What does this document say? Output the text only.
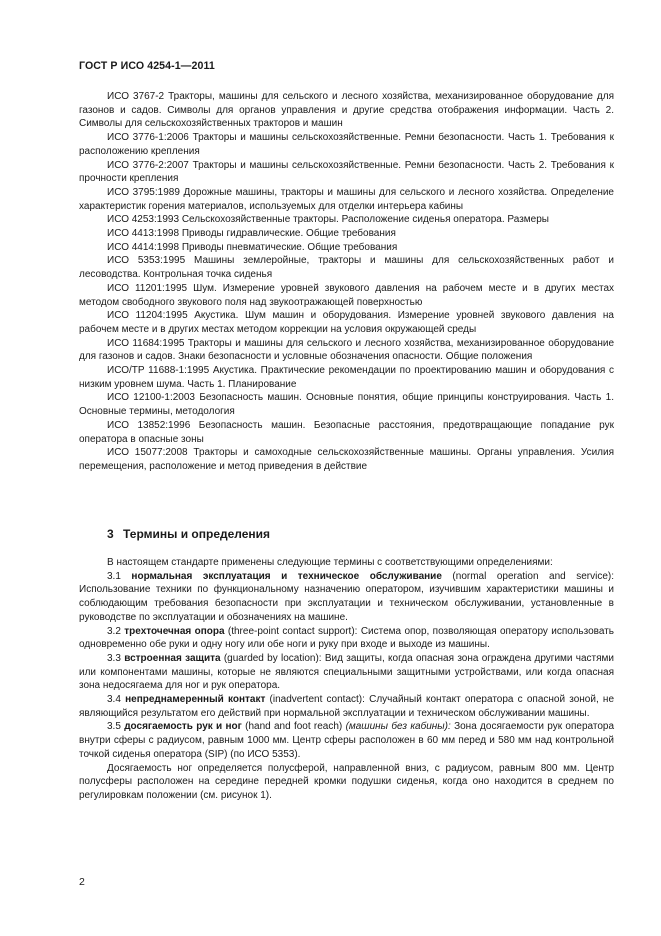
ГОСТ Р ИСО 4254-1—2011

ИСО 3767-2 Тракторы, машины для сельского и лесного хозяйства, механизированное оборудование для газонов и садов. Символы для органов управления и другие средства отображения информации. Часть 2. Символы для сельскохозяйственных тракторов и машин

ИСО 3776-1:2006 Тракторы и машины сельскохозяйственные. Ремни безопасности. Часть 1. Требования к расположению крепления

ИСО 3776-2:2007 Тракторы и машины сельскохозяйственные. Ремни безопасности. Часть 2. Требования к прочности крепления

ИСО 3795:1989 Дорожные машины, тракторы и машины для сельского и лесного хозяйства. Определение характеристик горения материалов, используемых для отделки интерьера кабины

ИСО 4253:1993 Сельскохозяйственные тракторы. Расположение сиденья оператора. Размеры

ИСО 4413:1998 Приводы гидравлические. Общие требования

ИСО 4414:1998 Приводы пневматические. Общие требования

ИСО 5353:1995 Машины землеройные, тракторы и машины для сельскохозяйственных работ и лесоводства. Контрольная точка сиденья

ИСО 11201:1995 Шум. Измерение уровней звукового давления на рабочем месте и в других местах методом свободного звукового поля над звукоотражающей поверхностью

ИСО 11204:1995 Акустика. Шум машин и оборудования. Измерение уровней звукового давления на рабочем месте и в других местах методом коррекции на условия окружающей среды

ИСО 11684:1995 Тракторы и машины для сельского и лесного хозяйства, механизированное оборудование для газонов и садов. Знаки безопасности и условные обозначения опасности. Общие положения

ИСО/ТР 11688-1:1995 Акустика. Практические рекомендации по проектированию машин и оборудования с низким уровнем шума. Часть 1. Планирование

ИСО 12100-1:2003 Безопасность машин. Основные понятия, общие принципы конструирования. Часть 1. Основные термины, методология

ИСО 13852:1996 Безопасность машин. Безопасные расстояния, предотвращающие попадание рук оператора в опасные зоны

ИСО 15077:2008 Тракторы и самоходные сельскохозяйственные машины. Органы управления. Усилия перемещения, расположение и метод приведения в действие

3 Термины и определения

В настоящем стандарте применены следующие термины с соответствующими определениями:

3.1 нормальная эксплуатация и техническое обслуживание (normal operation and service): Использование техники по функциональному назначению оператором, изучившим характеристики машины и соблюдающим требования безопасности при эксплуатации и техническом обслуживании, установленные в руководстве по эксплуатации и обозначениях на машине.

3.2 трехточечная опора (three-point contact support): Система опор, позволяющая оператору использовать одновременно обе руки и одну ногу или обе ноги и руку при входе и выходе из машины.

3.3 встроенная защита (guarded by location): Вид защиты, когда опасная зона ограждена другими частями или компонентами машины, которые не являются специальными защитными устройствами, или когда опасная зона недосягаема для ног и рук оператора.

3.4 непреднамеренный контакт (inadvertent contact): Случайный контакт оператора с опасной зоной, не являющийся результатом его действий при нормальной эксплуатации и техническом обслуживании машины.

3.5 досягаемость рук и ног (hand and foot reach) (машины без кабины): Зона досягаемости рук оператора внутри сферы с радиусом, равным 1000 мм. Центр сферы расположен в 60 мм перед и 580 мм над контрольной точкой сиденья оператора (SIP) (по ИСО 5353).

Досягаемость ног определяется полусферой, направленной вниз, с радиусом, равным 800 мм. Центр полусферы расположен на середине передней кромки подушки сиденья, когда оно находится в среднем по регулировкам положении (см. рисунок 1).

2
